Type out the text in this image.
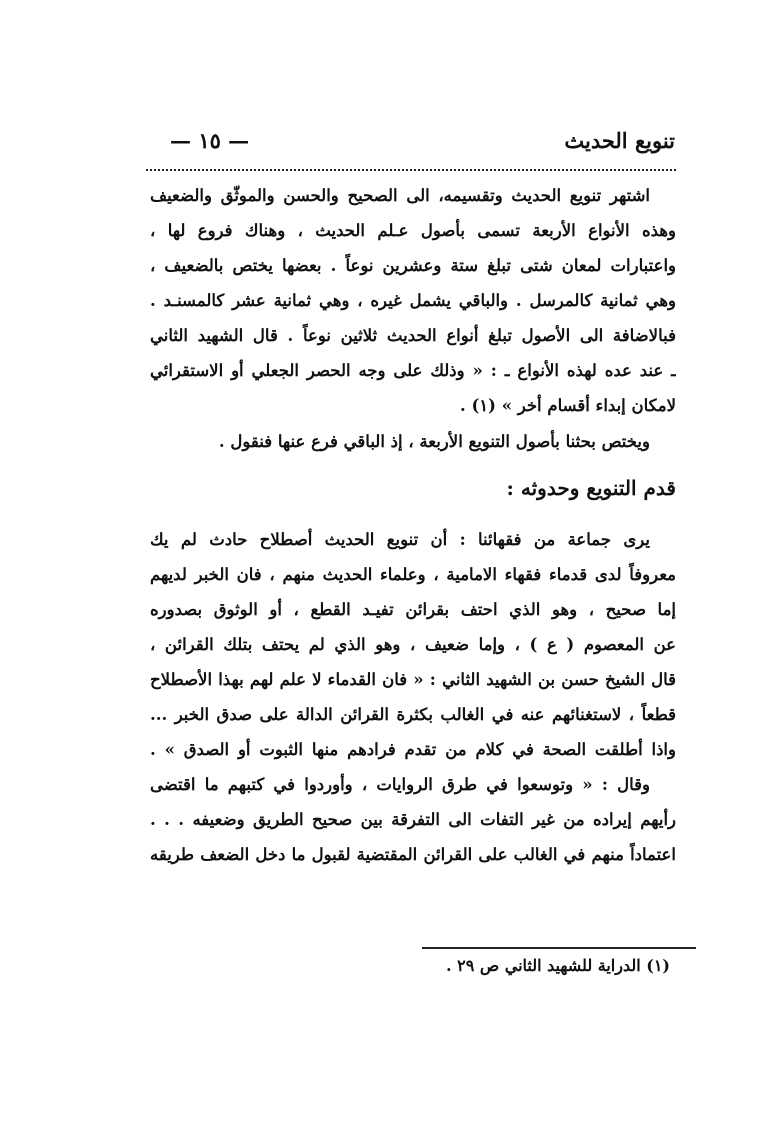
تنويع الحديث
— ١٥ —
اشتهر تنويع الحديث وتقسيمه، الى الصحيح والحسن والموثّق والضعيف
وهذه الأنواع الأربعة تسمى بأصول عـلم الحديث ، وهناك فروع لها ،
واعتبارات لمعان شتى تبلغ ستة وعشرين نوعاً . بعضها يختص بالضعيف ،
وهي ثمانية كالمرسل . والباقي يشمل غيره ، وهي ثمانية عشر كالمسنـد .
فبالاضافة الى الأصول تبلغ أنواع الحديث ثلاثين نوعاً . قال الشهيد الثاني
ـ عند عده لهذه الأنواع ـ : « وذلك على وجه الحصر الجعلي أو الاستقرائي
لامكان إبداء أقسام أخر » (١) .
ويختص بحثنا بأصول التنويع الأربعة ، إذ الباقي فرع عنها فنقول .
قدم التنويع وحدوثه :
يرى جماعة من فقهائنا : أن تنويع الحديث أصطلاح حادث لم يك
معروفاً لدى قدماء فقهاء الامامية ، وعلماء الحديث منهم ، فان الخبر لديهم
إما صحيح ، وهو الذي احتف بقرائن تفيـد القطع ، أو الوثوق بصدوره
عن المعصوم ( ع ) ، وإما ضعيف ، وهو الذي لم يحتف بتلك القرائن ،
قال الشيخ حسن بن الشهيد الثاني : « فان القدماء لا علم لهم بهذا الأصطلاح
قطعاً ، لاستغنائهم عنه في الغالب بكثرة القرائن الدالة على صدق الخبر ...
واذا أطلقت الصحة في كلام من تقدم فرادهم منها الثبوت أو الصدق » .
وقال : « وتوسعوا في طرق الروايات ، وأوردوا في كتبهم ما اقتضى
رأيهم إيراده من غير التفات الى التفرقة بين صحيح الطريق وضعيفه . . .
اعتماداً منهم في الغالب على القرائن المقتضية لقبول ما دخل الضعف طريقه
(١) الدراية للشهيد الثاني ص ٢٩ .
